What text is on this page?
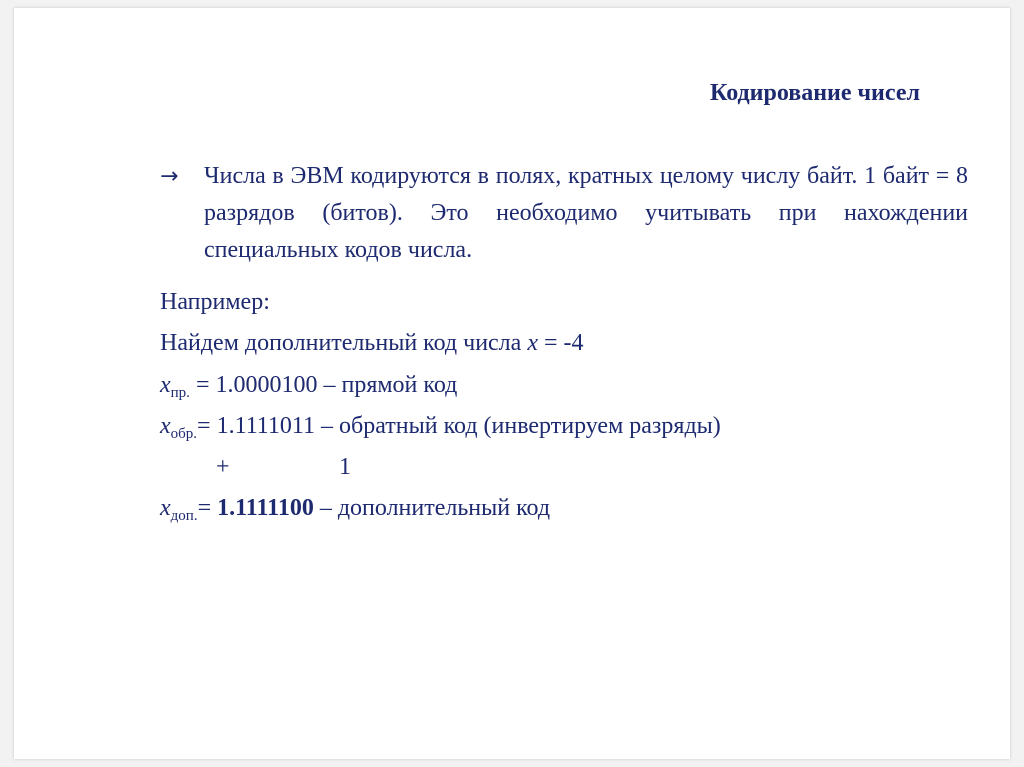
Кодирование чисел
→ Числа в ЭВМ кодируются в полях, кратных целому числу байт. 1 байт = 8 разрядов (битов). Это необходимо учитывать при нахождении специальных кодов числа.
Например:
Найдем дополнительный код числа x = -4
$x_{пр.} = 1.0000100$ – прямой код
$x_{обр.}= 1.1111011$ – обратный код (инвертируем разряды)
+	1
$x_{доп.}= 1.1111100$ – дополнительный код
